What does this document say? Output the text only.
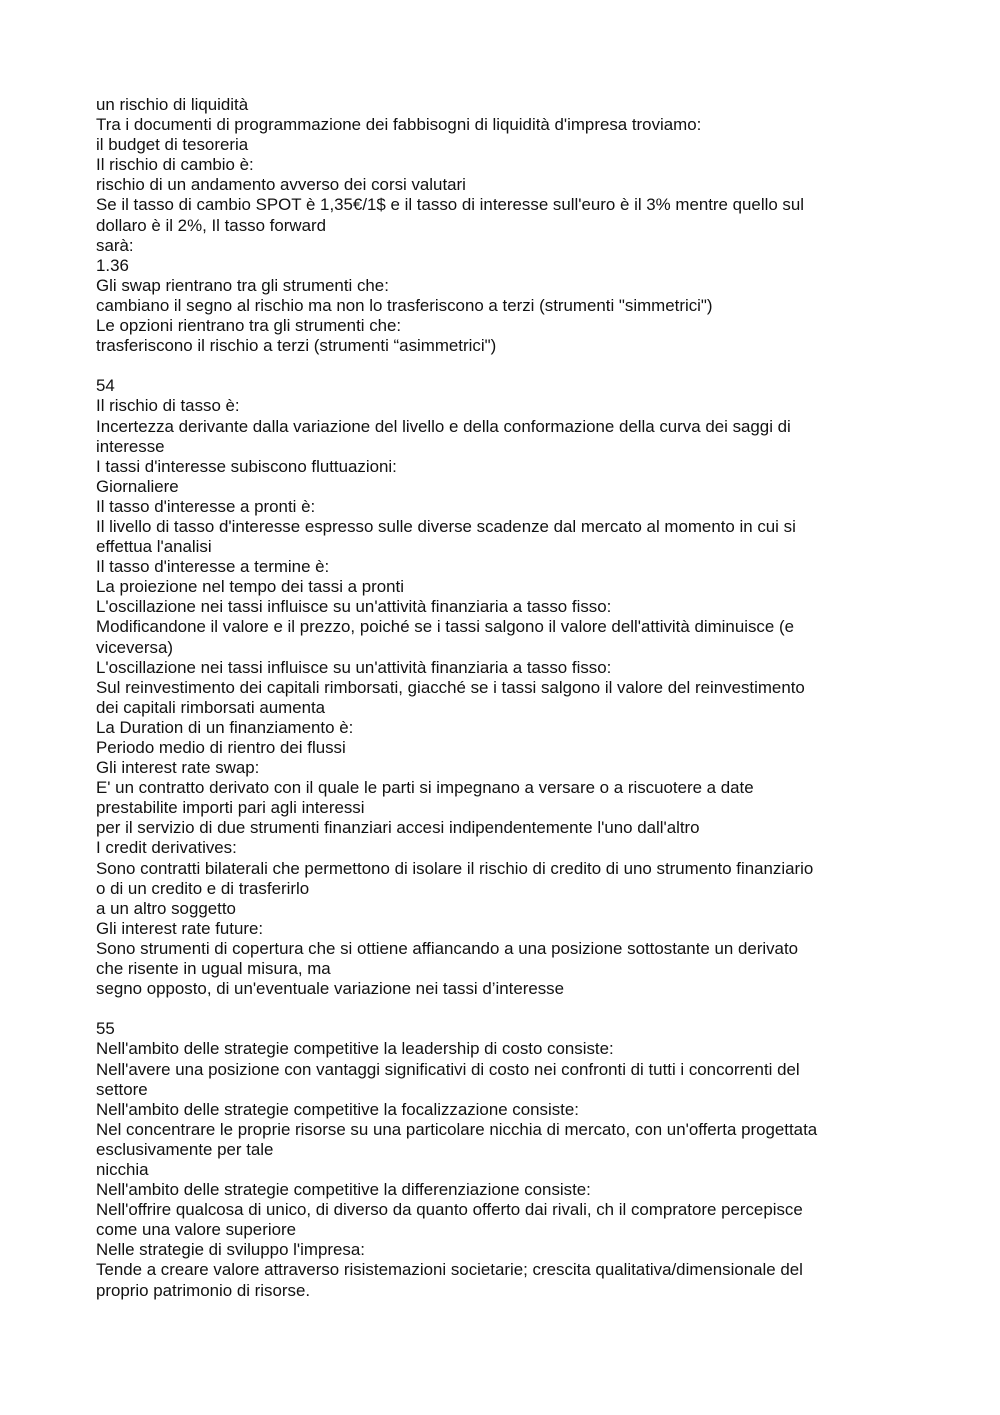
un rischio di liquidità
Tra i documenti di programmazione dei fabbisogni di liquidità d'impresa troviamo:
il budget di tesoreria
Il rischio di cambio è:
rischio di un andamento avverso dei corsi valutari
Se il tasso di cambio SPOT è 1,35€/1$ e il tasso di interesse sull'euro è il 3% mentre quello sul
dollaro è il 2%, Il tasso forward
sarà:
1.36
Gli swap rientrano tra gli strumenti che:
cambiano il segno al rischio ma non lo trasferiscono a terzi (strumenti "simmetrici")
Le opzioni rientrano tra gli strumenti che:
trasferiscono il rischio a terzi (strumenti “asimmetrici")
54
Il rischio di tasso è:
Incertezza derivante dalla variazione del livello e della conformazione della curva dei saggi di
interesse
I tassi d'interesse subiscono fluttuazioni:
Giornaliere
Il tasso d'interesse a pronti è:
Il livello di tasso d'interesse espresso sulle diverse scadenze dal mercato al momento in cui si
effettua l'analisi
Il tasso d'interesse a termine è:
La proiezione nel tempo dei tassi a pronti
L'oscillazione nei tassi influisce su un'attività finanziaria a tasso fisso:
Modificandone il valore e il prezzo, poiché se i tassi salgono il valore dell'attività diminuisce (e
viceversa)
L'oscillazione nei tassi influisce su un'attività finanziaria a tasso fisso:
Sul reinvestimento dei capitali rimborsati, giacché se i tassi salgono il valore del reinvestimento
dei capitali rimborsati aumenta
La Duration di un finanziamento è:
Periodo medio di rientro dei flussi
Gli interest rate swap:
E' un contratto derivato con il quale le parti si impegnano a versare o a riscuotere a date
prestabilite importi pari agli interessi
per il servizio di due strumenti finanziari accesi indipendentemente l'uno dall'altro
I credit derivatives:
Sono contratti bilaterali che permettono di isolare il rischio di credito di uno strumento finanziario
o di un credito e di trasferirlo
a un altro soggetto
Gli interest rate future:
Sono strumenti di copertura che si ottiene affiancando a una posizione sottostante un derivato
che risente in ugual misura, ma
segno opposto, di un'eventuale variazione nei tassi d’interesse
55
Nell'ambito delle strategie competitive la leadership di costo consiste:
Nell'avere una posizione con vantaggi significativi di costo nei confronti di tutti i concorrenti del
settore
Nell'ambito delle strategie competitive la focalizzazione consiste:
Nel concentrare le proprie risorse su una particolare nicchia di mercato, con un'offerta progettata
esclusivamente per tale
nicchia
Nell'ambito delle strategie competitive la differenziazione consiste:
Nell'offrire qualcosa di unico, di diverso da quanto offerto dai rivali, ch il compratore percepisce
come una valore superiore
Nelle strategie di sviluppo l'impresa:
Tende a creare valore attraverso risistemazioni societarie; crescita qualitativa/dimensionale del
proprio patrimonio di risorse.
